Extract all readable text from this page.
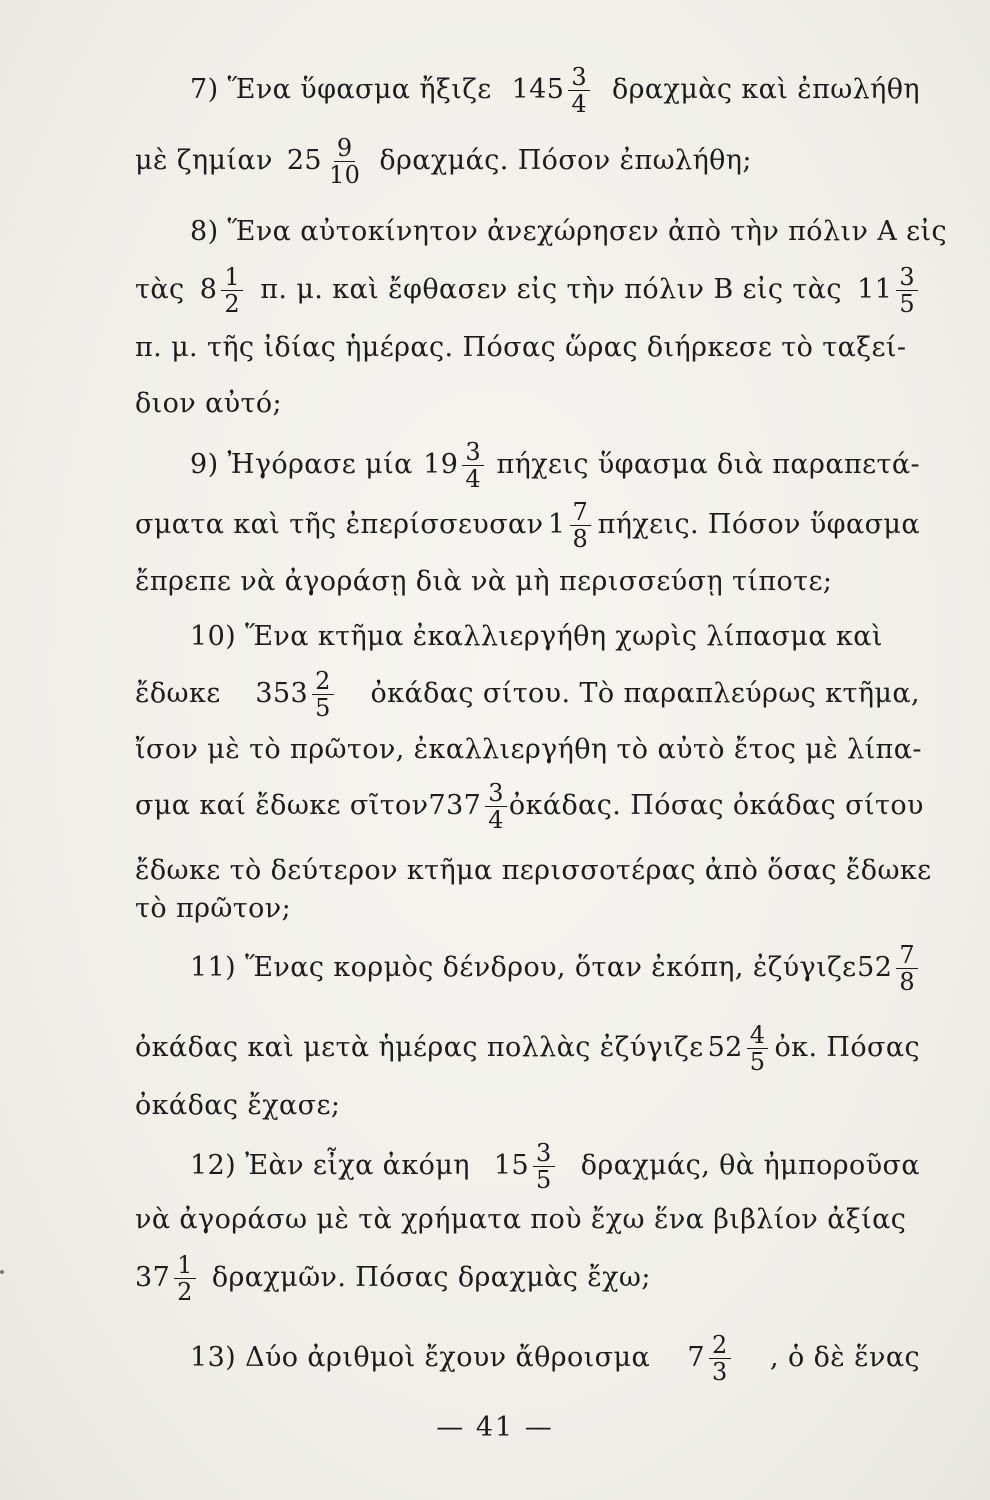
7) Ἕνα ὕφασμα ἤξιζε $145 \frac{3}{4}$ δραχμὰς καὶ ἐπωλήθη
μὲ ζημίαν $25 \frac{9}{10} \delta\rho\alpha\chi\mu ά\varsigma$. Πόσον ἐπωλήθη;
8) Ἕνα αὐτοκίνητον ἀνεχώρησεν ἀπὸ τὴν πόλιν Α εἰς
τὰς $8 \frac{1}{2} \pi$. μ. καὶ ἔφθασεν εἰς τὴν πόλιν Β εἰς τὰς $11 \frac{3}{5}$
π. μ. τῆς ἰδίας ἡμέρας. Πόσας ὥρας διήρκεσε τὸ ταξεί-
διον αὐτό;
9) Ἠγόρασε μία $19 \frac{3}{4}$ πήχεις ὕφασμα διὰ παραπετά-
σματα καὶ τῆς ἐπερίσσευσαν $1 \frac{7}{8} \pi ή\chi\varepsilon\iota\varsigma$. Πόσον ὕφασμα
ἔπρεπε νὰ ἀγοράσῃ διὰ νὰ μὴ περισσεύσῃ τίποτε;
10) Ἕνα κτῆμα ἐκαλλιεργήθη χωρὶς λίπασμα καὶ
ἔδωκε $353 \frac{2}{5}$ ὀκάδας σίτου. Τὸ παραπλεύρως κτῆμα,
ἴσον μὲ τὸ πρῶτον, ἐκαλλιεργήθη τὸ αὐτὸ ἔτος μὲ λίπα-
σμα καί ἔδωκε σῖτον $737 \frac{3}{4}$ ὀκάδας. Πόσας ὀκάδας σίτου
ἔδωκε τὸ δεύτερον κτῆμα περισσοτέρας ἀπὸ ὅσας ἔδωκε
τὸ πρῶτον;
11) Ἕνας κορμὸς δένδρου, ὅταν ἐκόπη, ἐζύγιζε $52 \frac{7}{8}$
ὀκάδας καὶ μετὰ ἡμέρας πολλὰς ἐζύγιζε $52 \frac{4}{5}$ ὀκ. Πόσας
ὀκάδας ἔχασε;
12) Ἐὰν εἶχα ἀκόμη $15 \frac{3}{5} \delta\rho\alpha\chi\mu ά\varsigma$, θὰ ἠμποροῦσα
νὰ ἀγοράσω μὲ τὰ χρήματα ποὺ ἔχω ἕνα βιβλίον ἀξίας
$37 \frac{1}{2}$ δραχμῶν. Πόσας δραχμὰς ἔχω;
13) Δύο ἀριθμοὶ ἔχουν ἄθροισμα $7 \frac{2}{3}$ , ὁ δὲ ἕνας
— 41 —
